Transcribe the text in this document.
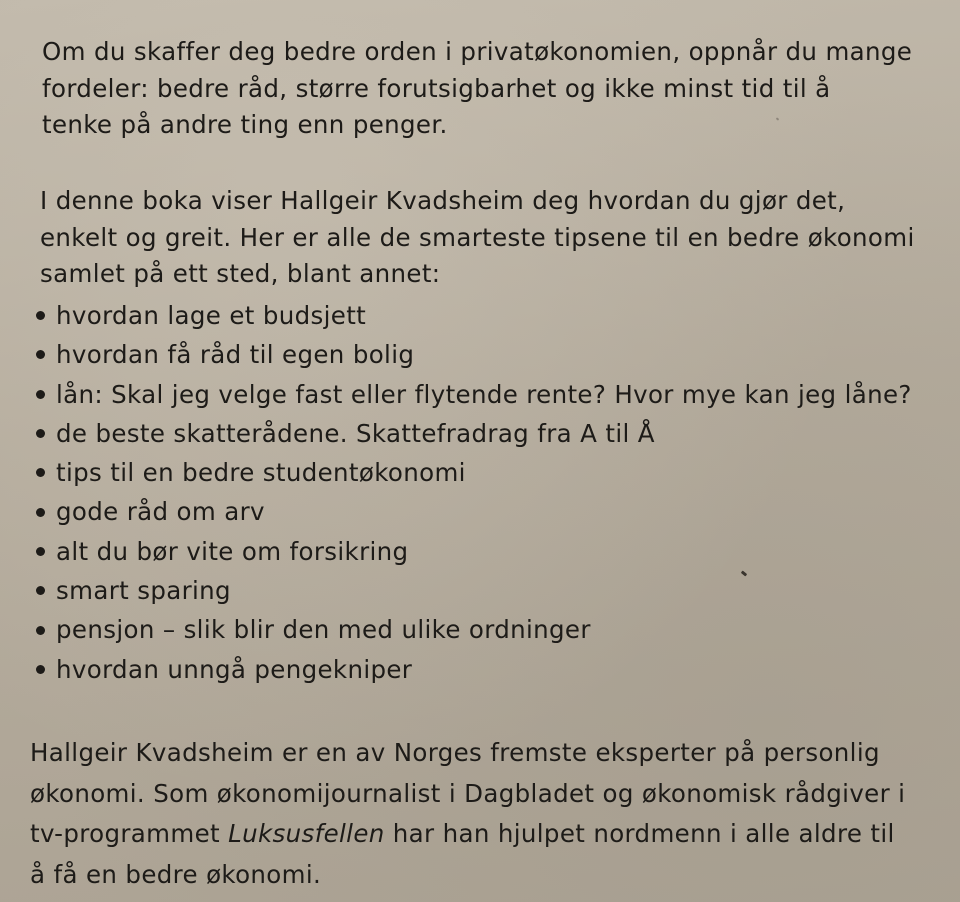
Om du skaffer deg bedre orden i privatøkonomien, oppnår du mange
fordeler: bedre råd, større forutsigbarhet og ikke minst tid til å
tenke på andre ting enn penger.

I denne boka viser Hallgeir Kvadsheim deg hvordan du gjør det,
enkelt og greit. Her er alle de smarteste tipsene til en bedre økonomi
samlet på ett sted, blant annet:

hvordan lage et budsjett
hvordan få råd til egen bolig
lån: Skal jeg velge fast eller flytende rente? Hvor mye kan jeg låne?
de beste skatterådene. Skattefradrag fra A til Å
tips til en bedre studentøkonomi
gode råd om arv
alt du bør vite om forsikring
smart sparing
pensjon – slik blir den med ulike ordninger
hvordan unngå pengekniper

Hallgeir Kvadsheim er en av Norges fremste eksperter på personlig
økonomi. Som økonomijournalist i Dagbladet og økonomisk rådgiver i
tv-programmet Luksusfellen har han hjulpet nordmenn i alle aldre til
å få en bedre økonomi.
